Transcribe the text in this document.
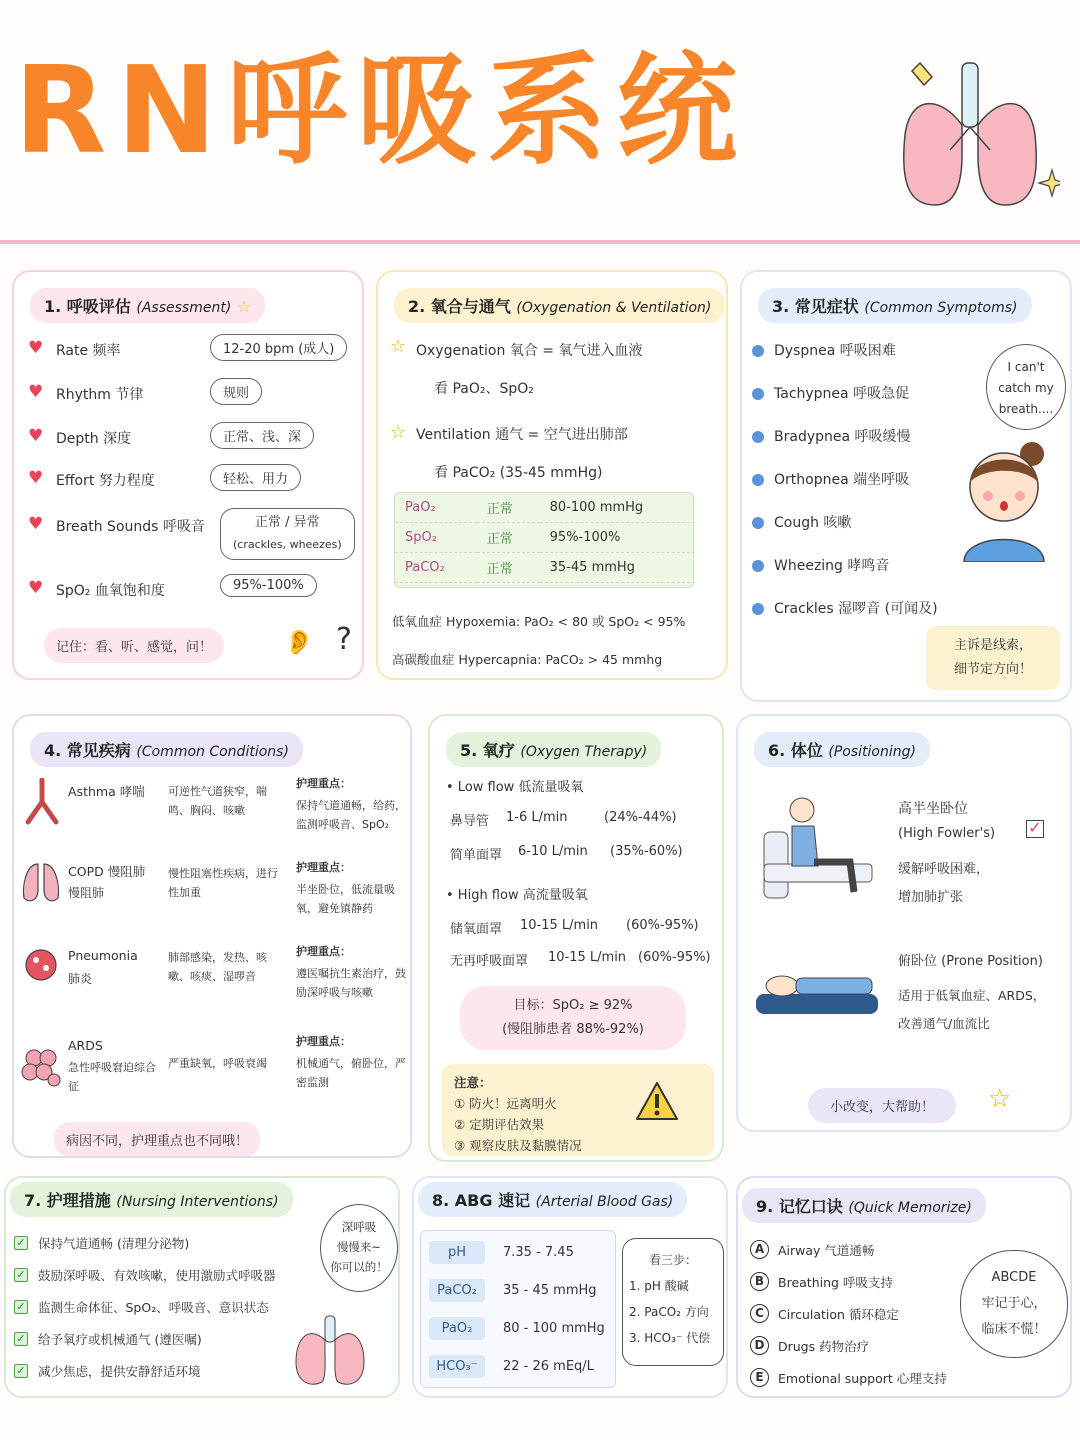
RN呼吸系统
1. 呼吸评估 (Assessment) ☆
♥ Rate 频率	12-20 bpm (成人)
♥ Rhythm 节律	规则
♥ Depth 深度	正常、浅、深
♥ Effort 努力程度	轻松、用力
♥ Breath Sounds 呼吸音	正常 / 异常
(crackles, wheezes)
♥ SpO₂ 血氧饱和度	95%-100%
记住：看、听、感觉，问！	👂 ?
2. 氧合与通气 (Oxygenation & Ventilation)
☆ Oxygenation 氧合 = 氧气进入血液
看 PaO₂、SpO₂
☆ Ventilation 通气 = 空气进出肺部
看 PaCO₂ (35-45 mmHg)
PaO₂	正常	80-100 mmHg
SpO₂	正常	95%-100%
PaCO₂	正常	35-45 mmHg
低氧血症 Hypoxemia: PaO₂ < 80 或 SpO₂ < 95%
高碳酸血症 Hypercapnia: PaCO₂ > 45 mmhg
3. 常见症状 (Common Symptoms)
Dyspnea 呼吸困难
Tachypnea 呼吸急促
Bradypnea 呼吸缓慢
Orthopnea 端坐呼吸
Cough 咳嗽
Wheezing 哮鸣音
Crackles 湿啰音 (可闻及)
I can't
catch my
breath....
主诉是线索，
细节定方向！
4. 常见疾病 (Common Conditions)
Asthma 哮喘 可逆性气道狭窄，喘鸣、胸闷、咳嗽
护理重点：
保持气道通畅，给药，监测呼吸音、SpO₂
COPD 慢阻肺
慢阻肺
慢性阻塞性疾病，进行性加重
护理重点：
半坐卧位，低流量吸氧，避免镇静药
Pneumonia
肺炎
肺部感染，发热、咳嗽、咳痰、湿啰音
护理重点：
遵医嘱抗生素治疗，鼓励深呼吸与咳嗽
ARDS
急性呼吸窘迫综合征
严重缺氧，呼吸衰竭
护理重点：
机械通气，俯卧位，严密监测
病因不同，护理重点也不同哦！
5. 氧疗 (Oxygen Therapy)
• Low flow 低流量吸氧
鼻导管 1-6 L/min	(24%-44%)
简单面罩 6-10 L/min (35%-60%)
• High flow 高流量吸氧
储氧面罩 10-15 L/min (60%-95%)
无再呼吸面罩 10-15 L/min (60%-95%)
目标：SpO₂ ≥ 92%
(慢阻肺患者 88%-92%)
注意：
① 防火！远离明火
② 定期评估效果
③ 观察皮肤及黏膜情况
6. 体位 (Positioning)
高半坐卧位
(High Fowler's) ✓
缓解呼吸困难，
增加肺扩张
俯卧位 (Prone Position)
适用于低氧血症、ARDS，
改善通气/血流比
小改变，大帮助！	☆
7. 护理措施 (Nursing Interventions)
✓ 保持气道通畅 (清理分泌物)
✓ 鼓励深呼吸、有效咳嗽，使用激励式呼吸器
✓ 监测生命体征、SpO₂、呼吸音、意识状态
✓ 给予氧疗或机械通气 (遵医嘱)
✓ 减少焦虑，提供安静舒适环境
深呼吸
慢慢来~
你可以的！
8. ABG 速记 (Arterial Blood Gas)
pH	7.35 - 7.45
PaCO₂	35 - 45 mmHg
PaO₂	80 - 100 mmHg
HCO₃⁻	22 - 26 mEq/L
看三步：
1. pH 酸碱
2. PaCO₂ 方向
3. HCO₃⁻ 代偿
9. 记忆口诀 (Quick Memorize)
A	Airway 气道通畅
B	Breathing 呼吸支持
C	Circulation 循环稳定
D	Drugs 药物治疗
E	Emotional support 心理支持
ABCDE
牢记于心，
临床不慌！
